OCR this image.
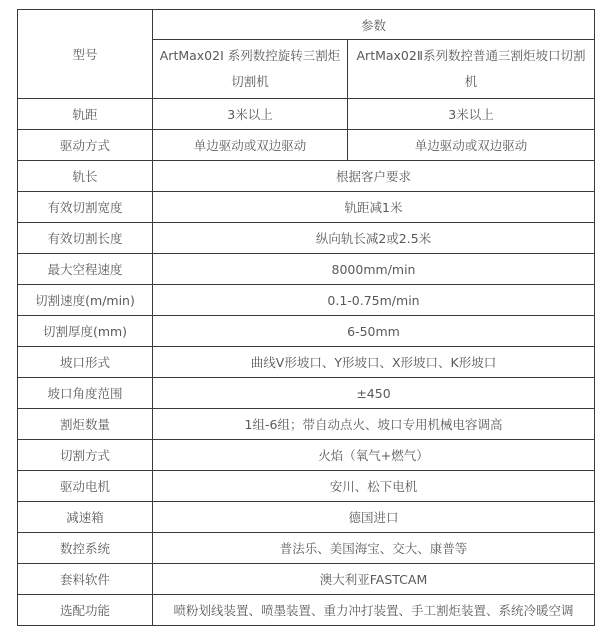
型号	参数	
	ArtMax02Ⅰ 系列数控旋转三割炬切割机	ArtMax02Ⅱ系列数控普通三割炬坡口切割机
轨距	3米以上	3米以上
驱动方式	单边驱动或双边驱动	单边驱动或双边驱动
轨长	根据客户要求	
有效切割宽度	轨距减1米	
有效切割长度	纵向轨长减2或2.5米	
最大空程速度	8000mm/min	
切割速度(m/min)	0.1-0.75m/min	
切割厚度(mm)	6-50mm	
坡口形式	曲线V形坡口、Y形坡口、X形坡口、K形坡口	
坡口角度范围	±450	
割炬数量	1组-6组；带自动点火、坡口专用机械电容调高	
切割方式	火焰（氧气+燃气）	
驱动电机	安川、松下电机	
减速箱	德国进口	
数控系统	普法乐、美国海宝、交大、康普等	
套料软件	澳大利亚FASTCAM	
选配功能	喷粉划线装置、喷墨装置、重力冲打装置、手工割炬装置、系统冷暖空调	
